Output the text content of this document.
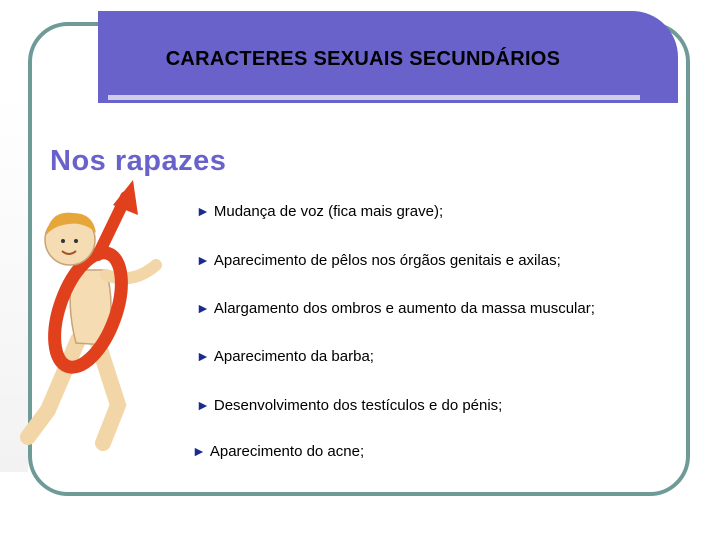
CARACTERES SEXUAIS SECUNDÁRIOS
Nos rapazes
► Mudança de voz (fica mais grave);
► Aparecimento de pêlos nos órgãos genitais e axilas;
► Alargamento dos ombros e aumento da massa muscular;
► Aparecimento da barba;
► Desenvolvimento dos testículos e do pénis;
► Aparecimento do acne;
